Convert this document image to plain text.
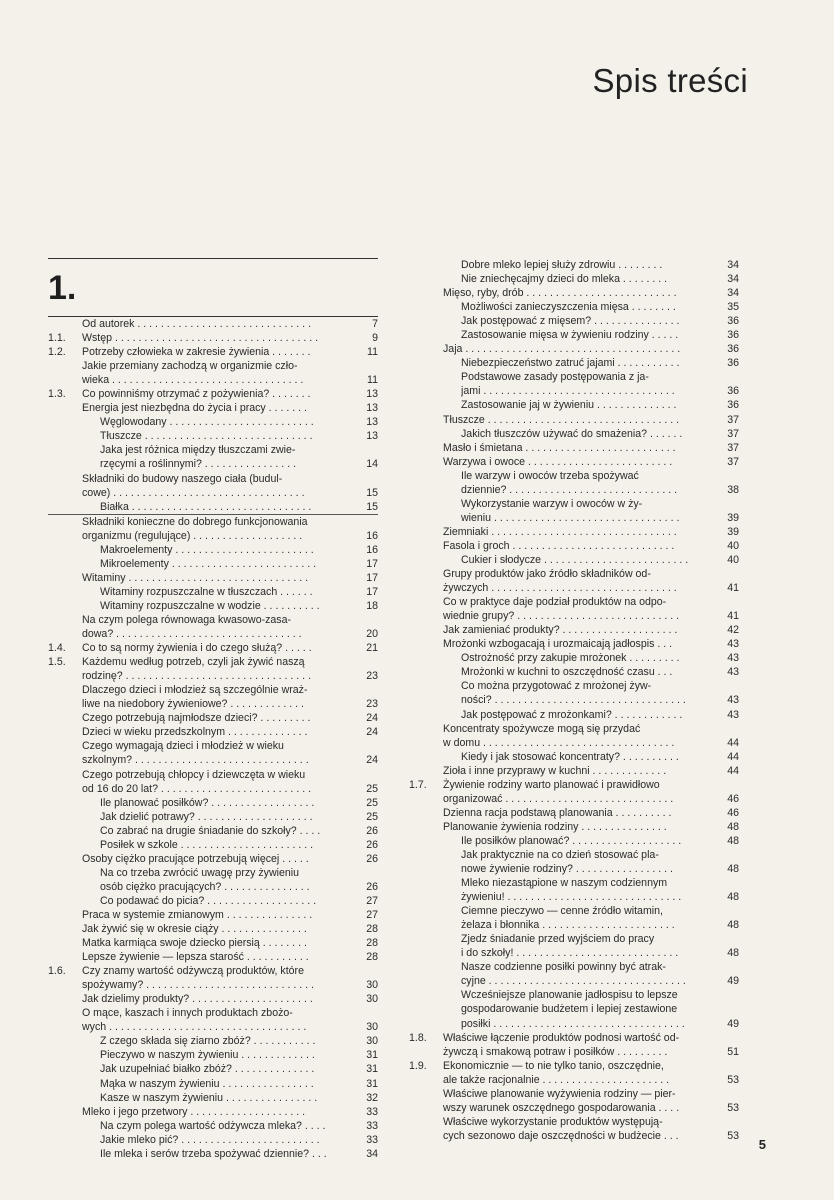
Spis treści
1.
Od autorek . . . . . . . . . . . . . . . . . . . . . . . . . . . . . .	7
1.1. Wstęp . . . . . . . . . . . . . . . . . . . . . . . . . . . . . . . . . . .	9
1.2. Potrzeby człowieka w zakresie żywienia . . . . . . .	11
Jakie przemiany zachodzą w organizmie czło-
wieka . . . . . . . . . . . . . . . . . . . . . . . . . . . . . . . . .	11
1.3. Co powinniśmy otrzymać z pożywienia? . . . . . . .	13
Energia jest niezbędna do życia i pracy . . . . . . .	13
Węglowodany . . . . . . . . . . . . . . . . . . . . . . . . .	13
Tłuszcze . . . . . . . . . . . . . . . . . . . . . . . . . . . . .	13
Jaka jest różnica między tłuszczami zwie-
rzęcymi a roślinnymi? . . . . . . . . . . . . . . . .	14
Składniki do budowy naszego ciała (budul-
cowe) . . . . . . . . . . . . . . . . . . . . . . . . . . . . . . . . .	15
Białka . . . . . . . . . . . . . . . . . . . . . . . . . . . . . . .	15
Składniki konieczne do dobrego funkcjonowania
organizmu (regulujące) . . . . . . . . . . . . . . . . . . .	16
Makroelementy . . . . . . . . . . . . . . . . . . . . . . . .	16
Mikroelementy . . . . . . . . . . . . . . . . . . . . . . . . .	17
Witaminy . . . . . . . . . . . . . . . . . . . . . . . . . . . . . . .	17
Witaminy rozpuszczalne w tłuszczach . . . . . .	17
Witaminy rozpuszczalne w wodzie . . . . . . . . . .	18
Na czym polega równowaga kwasowo-zasa-
dowa? . . . . . . . . . . . . . . . . . . . . . . . . . . . . . . . .	20
1.4. Co to są normy żywienia i do czego służą? . . . . .	21
1.5. Każdemu według potrzeb, czyli jak żywić naszą
rodzinę? . . . . . . . . . . . . . . . . . . . . . . . . . . . . . . . .	23
Dlaczego dzieci i młodzież są szczególnie wraż-
liwe na niedobory żywieniowe? . . . . . . . . . . . . .	23
Czego potrzebują najmłodsze dzieci? . . . . . . . . .	24
Dzieci w wieku przedszkolnym . . . . . . . . . . . . . .	24
Czego wymagają dzieci i młodzież w wieku
szkolnym? . . . . . . . . . . . . . . . . . . . . . . . . . . . . . .	24
Czego potrzebują chłopcy i dziewczęta w wieku
od 16 do 20 lat? . . . . . . . . . . . . . . . . . . . . . . . . . .	25
Ile planować posiłków? . . . . . . . . . . . . . . . . . .	25
Jak dzielić potrawy? . . . . . . . . . . . . . . . . . . . .	25
Co zabrać na drugie śniadanie do szkoły? . . . .	26
Posiłek w szkole . . . . . . . . . . . . . . . . . . . . . . .	26
Osoby ciężko pracujące potrzebują więcej . . . . .	26
Na co trzeba zwrócić uwagę przy żywieniu
osób ciężko pracujących? . . . . . . . . . . . . . . .	26
Co podawać do picia? . . . . . . . . . . . . . . . . . . .	27
Praca w systemie zmianowym . . . . . . . . . . . . . . .	27
Jak żywić się w okresie ciąży . . . . . . . . . . . . . . .	28
Matka karmiąca swoje dziecko piersią . . . . . . . .	28
Lepsze żywienie — lepsza starość . . . . . . . . . . .	28
1.6. Czy znamy wartość odżywczą produktów, które
spożywamy? . . . . . . . . . . . . . . . . . . . . . . . . . . . . .	30
Jak dzielimy produkty? . . . . . . . . . . . . . . . . . . . . .	30
O mące, kaszach i innych produktach zbożo-
wych . . . . . . . . . . . . . . . . . . . . . . . . . . . . . . . . . .	30
Z czego składa się ziarno zbóż? . . . . . . . . . . .	30
Pieczywo w naszym żywieniu . . . . . . . . . . . . .	31
Jak uzupełniać białko zbóż? . . . . . . . . . . . . . .	31
Mąka w naszym żywieniu . . . . . . . . . . . . . . . .	31
Kasze w naszym żywieniu . . . . . . . . . . . . . . . .	32
Mleko i jego przetwory . . . . . . . . . . . . . . . . . . . .	33
Na czym polega wartość odżywcza mleka? . . . .	33
Jakie mleko pić? . . . . . . . . . . . . . . . . . . . . . . . .	33
Ile mleka i serów trzeba spożywać dziennie? . . .	34
Dobre mleko lepiej służy zdrowiu . . . . . . . .	34
Nie zniechęcajmy dzieci do mleka . . . . . . . .	34
Mięso, ryby, drób . . . . . . . . . . . . . . . . . . . . . . . . . .	34
Możliwości zanieczyszczenia mięsa . . . . . . . .	35
Jak postępować z mięsem? . . . . . . . . . . . . . . .	36
Zastosowanie mięsa w żywieniu rodziny . . . . .	36
Jaja . . . . . . . . . . . . . . . . . . . . . . . . . . . . . . . . . . . . .	36
Niebezpieczeństwo zatruć jajami . . . . . . . . . . .	36
Podstawowe zasady postępowania z ja-
jami . . . . . . . . . . . . . . . . . . . . . . . . . . . . . . . . .	36
Zastosowanie jaj w żywieniu . . . . . . . . . . . . . .	36
Tłuszcze . . . . . . . . . . . . . . . . . . . . . . . . . . . . . . . . .	37
Jakich tłuszczów używać do smażenia? . . . . . .	37
Masło i śmietana . . . . . . . . . . . . . . . . . . . . . . . . . .	37
Warzywa i owoce . . . . . . . . . . . . . . . . . . . . . . . . .	37
Ile warzyw i owoców trzeba spożywać
dziennie? . . . . . . . . . . . . . . . . . . . . . . . . . . . . .	38
Wykorzystanie warzyw i owoców w ży-
wieniu . . . . . . . . . . . . . . . . . . . . . . . . . . . . . . . .	39
Ziemniaki . . . . . . . . . . . . . . . . . . . . . . . . . . . . . . . .	39
Fasola i groch . . . . . . . . . . . . . . . . . . . . . . . . . . . .	40
Cukier i słodycze . . . . . . . . . . . . . . . . . . . . . . . . .	40
Grupy produktów jako źródło składników od-
żywczych . . . . . . . . . . . . . . . . . . . . . . . . . . . . . . . .	41
Co w praktyce daje podział produktów na odpo-
wiednie grupy? . . . . . . . . . . . . . . . . . . . . . . . . . . . .	41
Jak zamieniać produkty? . . . . . . . . . . . . . . . . . . . .	42
Mrożonki wzbogacają i urozmaicają jadłospis . . .	43
Ostrożność przy zakupie mrożonek . . . . . . . . .	43
Mrożonki w kuchni to oszczędność czasu . . .	43
Co można przygotować z mrożonej żyw-
ności? . . . . . . . . . . . . . . . . . . . . . . . . . . . . . . . . .	43
Jak postępować z mrożonkami? . . . . . . . . . . . .	43
Koncentraty spożywcze mogą się przydać
w domu . . . . . . . . . . . . . . . . . . . . . . . . . . . . . . . . .	44
Kiedy i jak stosować koncentraty? . . . . . . . . . .	44
Zioła i inne przyprawy w kuchni . . . . . . . . . . . . .	44
1.7. Żywienie rodziny warto planować i prawidłowo
organizować . . . . . . . . . . . . . . . . . . . . . . . . . . . . .	46
Dzienna racja podstawą planowania . . . . . . . . . .	46
Planowanie żywienia rodziny . . . . . . . . . . . . . . .	48
Ile posiłków planować? . . . . . . . . . . . . . . . . . . .	48
Jak praktycznie na co dzień stosować pla-
nowe żywienie rodziny? . . . . . . . . . . . . . . . . .	48
Mleko niezastąpione w naszym codziennym
żywieniu! . . . . . . . . . . . . . . . . . . . . . . . . . . . . . .	48
Ciemne pieczywo — cenne źródło witamin,
żelaza i błonnika . . . . . . . . . . . . . . . . . . . . . . .	48
Zjedz śniadanie przed wyjściem do pracy
i do szkoły! . . . . . . . . . . . . . . . . . . . . . . . . . . . .	48
Nasze codzienne posiłki powinny być atrak-
cyjne . . . . . . . . . . . . . . . . . . . . . . . . . . . . . . . . . .	49
Wcześniejsze planowanie jadłospisu to lepsze
gospodarowanie budżetem i lepiej zestawione
posiłki . . . . . . . . . . . . . . . . . . . . . . . . . . . . . . . . .	49
1.8. Właściwe łączenie produktów podnosi wartość od-
żywczą i smakową potraw i posiłków . . . . . . . . .	51
1.9. Ekonomicznie — to nie tylko tanio, oszczędnie,
ale także racjonalnie . . . . . . . . . . . . . . . . . . . . . .	53
Właściwe planowanie wyżywienia rodziny — pier-
wszy warunek oszczędnego gospodarowania . . . .	53
Właściwe wykorzystanie produktów występują-
cych sezonowo daje oszczędności w budżecie . . .	53
5
